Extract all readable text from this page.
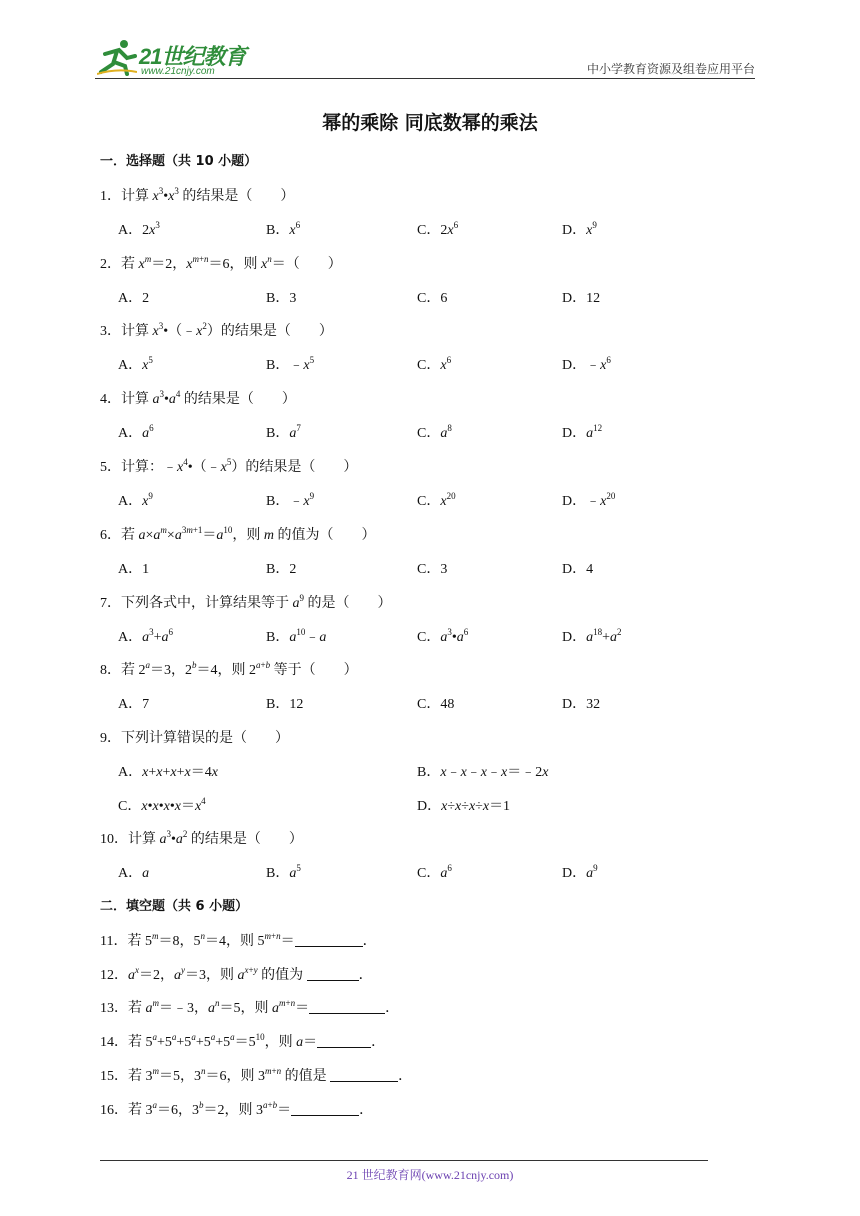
21世纪教育
www.21cnjy.com	中小学教育资源及组卷应用平台
幂的乘除 同底数幂的乘法
一．选择题（共 10 小题）
1．计算 $x^3•x^3$ 的结果是（　　）
A．$2x^3$	B．$x^6$	C．$2x^6$	D．$x^9$
2．若 $x^m=2$，$x^{m+n}=6$，则 $x^n=$（　　）
A．2	B．3	C．6	D．12
3．计算 $x^3•(﹣x^2)$的结果是（　　）
A．$x^5$	B．$﹣x^5$	C．$x^6$	D．$﹣x^6$
4．计算 $a^3•a^4$ 的结果是（　　）
A．$a^6$	B．$a^7$	C．$a^8$	D．$a^{12}$
5．计算：$﹣x^4•(﹣x^5)$的结果是（　　）
A．$x^9$	B．$﹣x^9$	C．$x^{20}$	D．$﹣x^{20}$
6．若 $a\times a^m\times a^{3m+1}=a^{10}$，则 m 的值为（　　）
A．1	B．2	C．3	D．4
7．下列各式中，计算结果等于 $a^9$ 的是（　　）
A．$a^3+a^6$	B．$a^{10}﹣a$	C．$a^3•a^6$	D．$a^{18}+a^2$
8．若 $2^a=3$，$2^b=4$，则 $2^{a+b}$ 等于（　　）
A．7	B．12	C．48	D．32
9．下列计算错误的是（　　）
A．x+x+x+x＝4x	B．x﹣x﹣x﹣x＝﹣2x
C．$x•x•x•x=x^4$	D．x÷x÷x÷x＝1
10．计算 $a^3•a^2$ 的结果是（　　）
A．a	B．$a^5$	C．$a^6$	D．$a^9$
二．填空题（共 6 小题）
11．若 $5^m=8$，$5^n=4$，则 $5^{m+n}=$	．
12．$a^x=2$，$a^y=3$，则 $a^{x+y}$ 的值为	．
13．若 $a^m=﹣3$，$a^n=5$，则 $a^{m+n}=$	．
14．若 $5^a+5^a+5^a+5^a+5^a=5^{10}$，则 a＝	．
15．若 $3^m=5$，$3^n=6$，则 $3^{m+n}$ 的值是	．
16．若 $3^a=6$，$3^b=2$，则 $3^{a+b}=$	．
21 世纪教育网(www.21cnjy.com)
